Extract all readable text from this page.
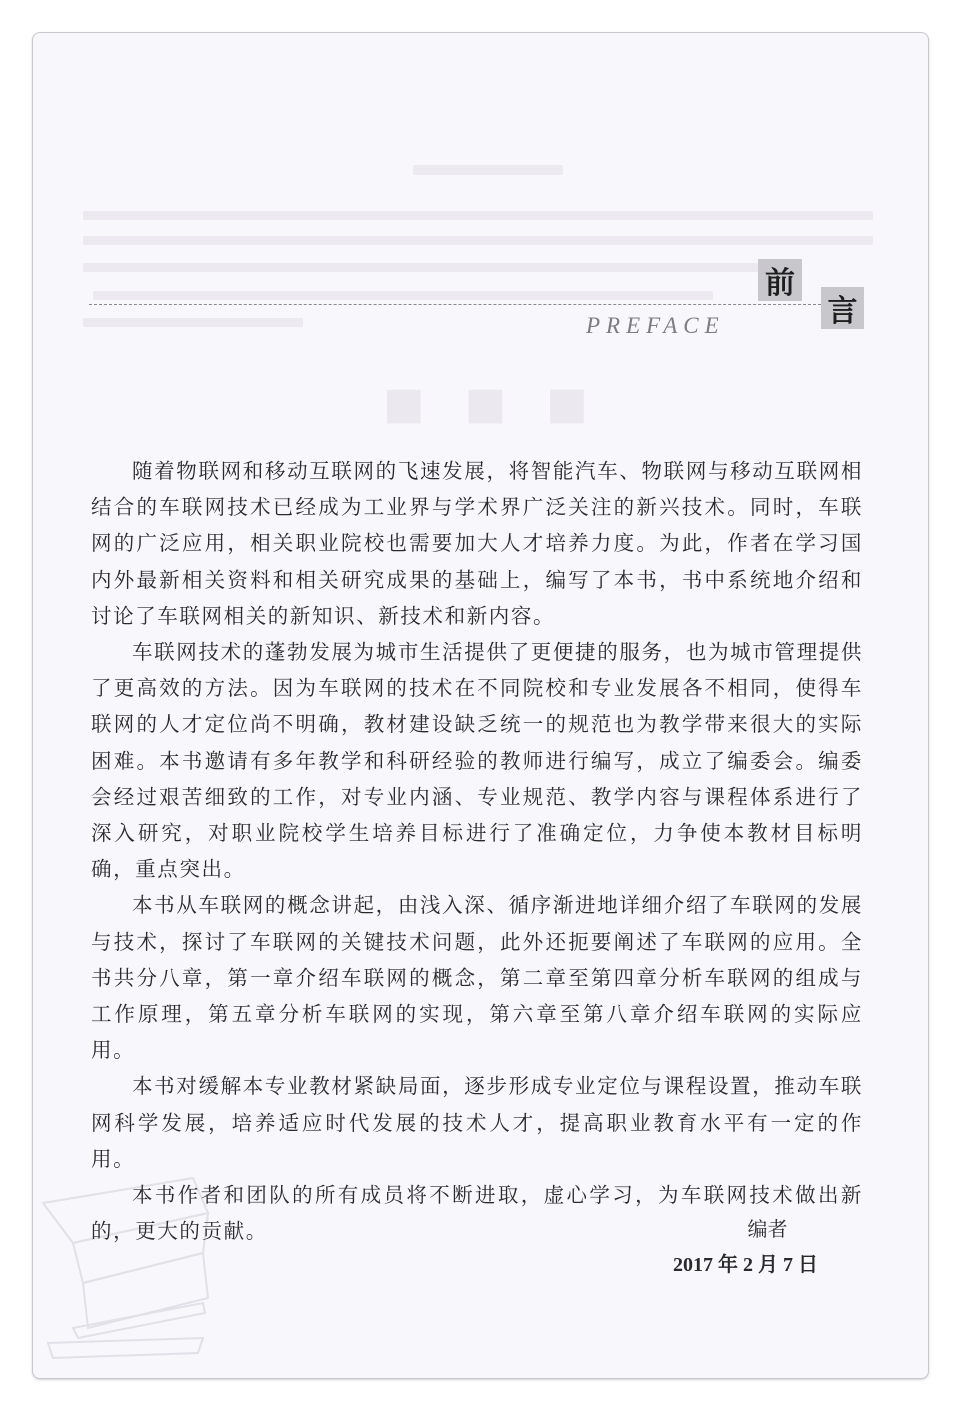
■■■
前
言
PREFACE

随着物联网和移动互联网的飞速发展，将智能汽车、物联网与移动互联网相结合的车联网技术已经成为工业界与学术界广泛关注的新兴技术。同时，车联网的广泛应用，相关职业院校也需要加大人才培养力度。为此，作者在学习国内外最新相关资料和相关研究成果的基础上，编写了本书，书中系统地介绍和讨论了车联网相关的新知识、新技术和新内容。

车联网技术的蓬勃发展为城市生活提供了更便捷的服务，也为城市管理提供了更高效的方法。因为车联网的技术在不同院校和专业发展各不相同，使得车联网的人才定位尚不明确，教材建设缺乏统一的规范也为教学带来很大的实际困难。本书邀请有多年教学和科研经验的教师进行编写，成立了编委会。编委会经过艰苦细致的工作，对专业内涵、专业规范、教学内容与课程体系进行了深入研究，对职业院校学生培养目标进行了准确定位，力争使本教材目标明确，重点突出。

本书从车联网的概念讲起，由浅入深、循序渐进地详细介绍了车联网的发展与技术，探讨了车联网的关键技术问题，此外还扼要阐述了车联网的应用。全书共分八章，第一章介绍车联网的概念，第二章至第四章分析车联网的组成与工作原理，第五章分析车联网的实现，第六章至第八章介绍车联网的实际应用。

本书对缓解本专业教材紧缺局面，逐步形成专业定位与课程设置，推动车联网科学发展，培养适应时代发展的技术人才，提高职业教育水平有一定的作用。

本书作者和团队的所有成员将不断进取，虚心学习，为车联网技术做出新的，更大的贡献。	编者
2017 年 2 月 7 日
